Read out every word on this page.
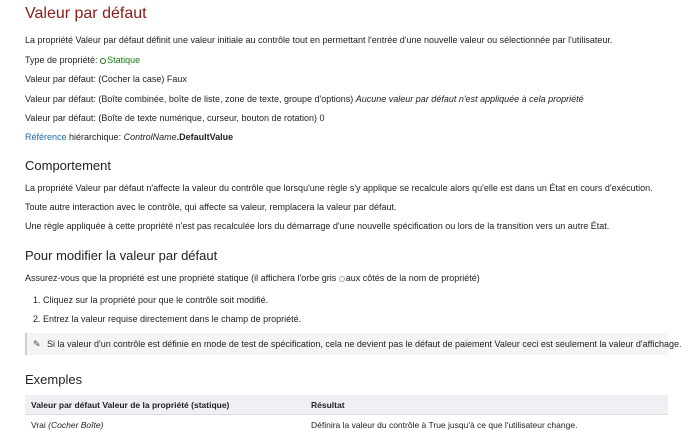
Valeur par défaut
La propriété Valeur par défaut définit une valeur initiale au contrôle tout en permettant l'entrée d'une nouvelle valeur ou sélectionnée par l'utilisateur.
Type de propriété: Statique
Valeur par défaut: (Cocher la case) Faux
Valeur par défaut: (Boîte combinée, boîte de liste, zone de texte, groupe d'options) Aucune valeur par défaut n'est appliquée à cela propriété
Valeur par défaut: (Boîte de texte numérique, curseur, bouton de rotation) 0
Référence hiérarchique: ControlName.DefaultValue
Comportement
La propriété Valeur par défaut n'affecte la valeur du contrôle que lorsqu'une règle s'y applique se recalcule alors qu'elle est dans un État en cours d'exécution.
Toute autre interaction avec le contrôle, qui affecte sa valeur, remplacera la valeur par défaut.
Une règle appliquée à cette propriété n'est pas recalculée lors du démarrage d'une nouvelle spécification ou lors de la transition vers un autre État.
Pour modifier la valeur par défaut
Assurez-vous que la propriété est une propriété statique (il affichera l'orbe gris aux côtés de la nom de propriété)
1. Cliquez sur la propriété pour que le contrôle soit modifié.
2. Entrez la valeur requise directement dans le champ de propriété.
✎ Si la valeur d'un contrôle est définie en mode de test de spécification, cela ne devient pas le défaut de paiement Valeur ceci est seulement la valeur d'affichage.
Exemples
Valeur par défaut Valeur de la propriété (statique)	Résultat
Vrai (Cocher Boîte)	Définira la valeur du contrôle à True jusqu'à ce que l'utilisateur change.
